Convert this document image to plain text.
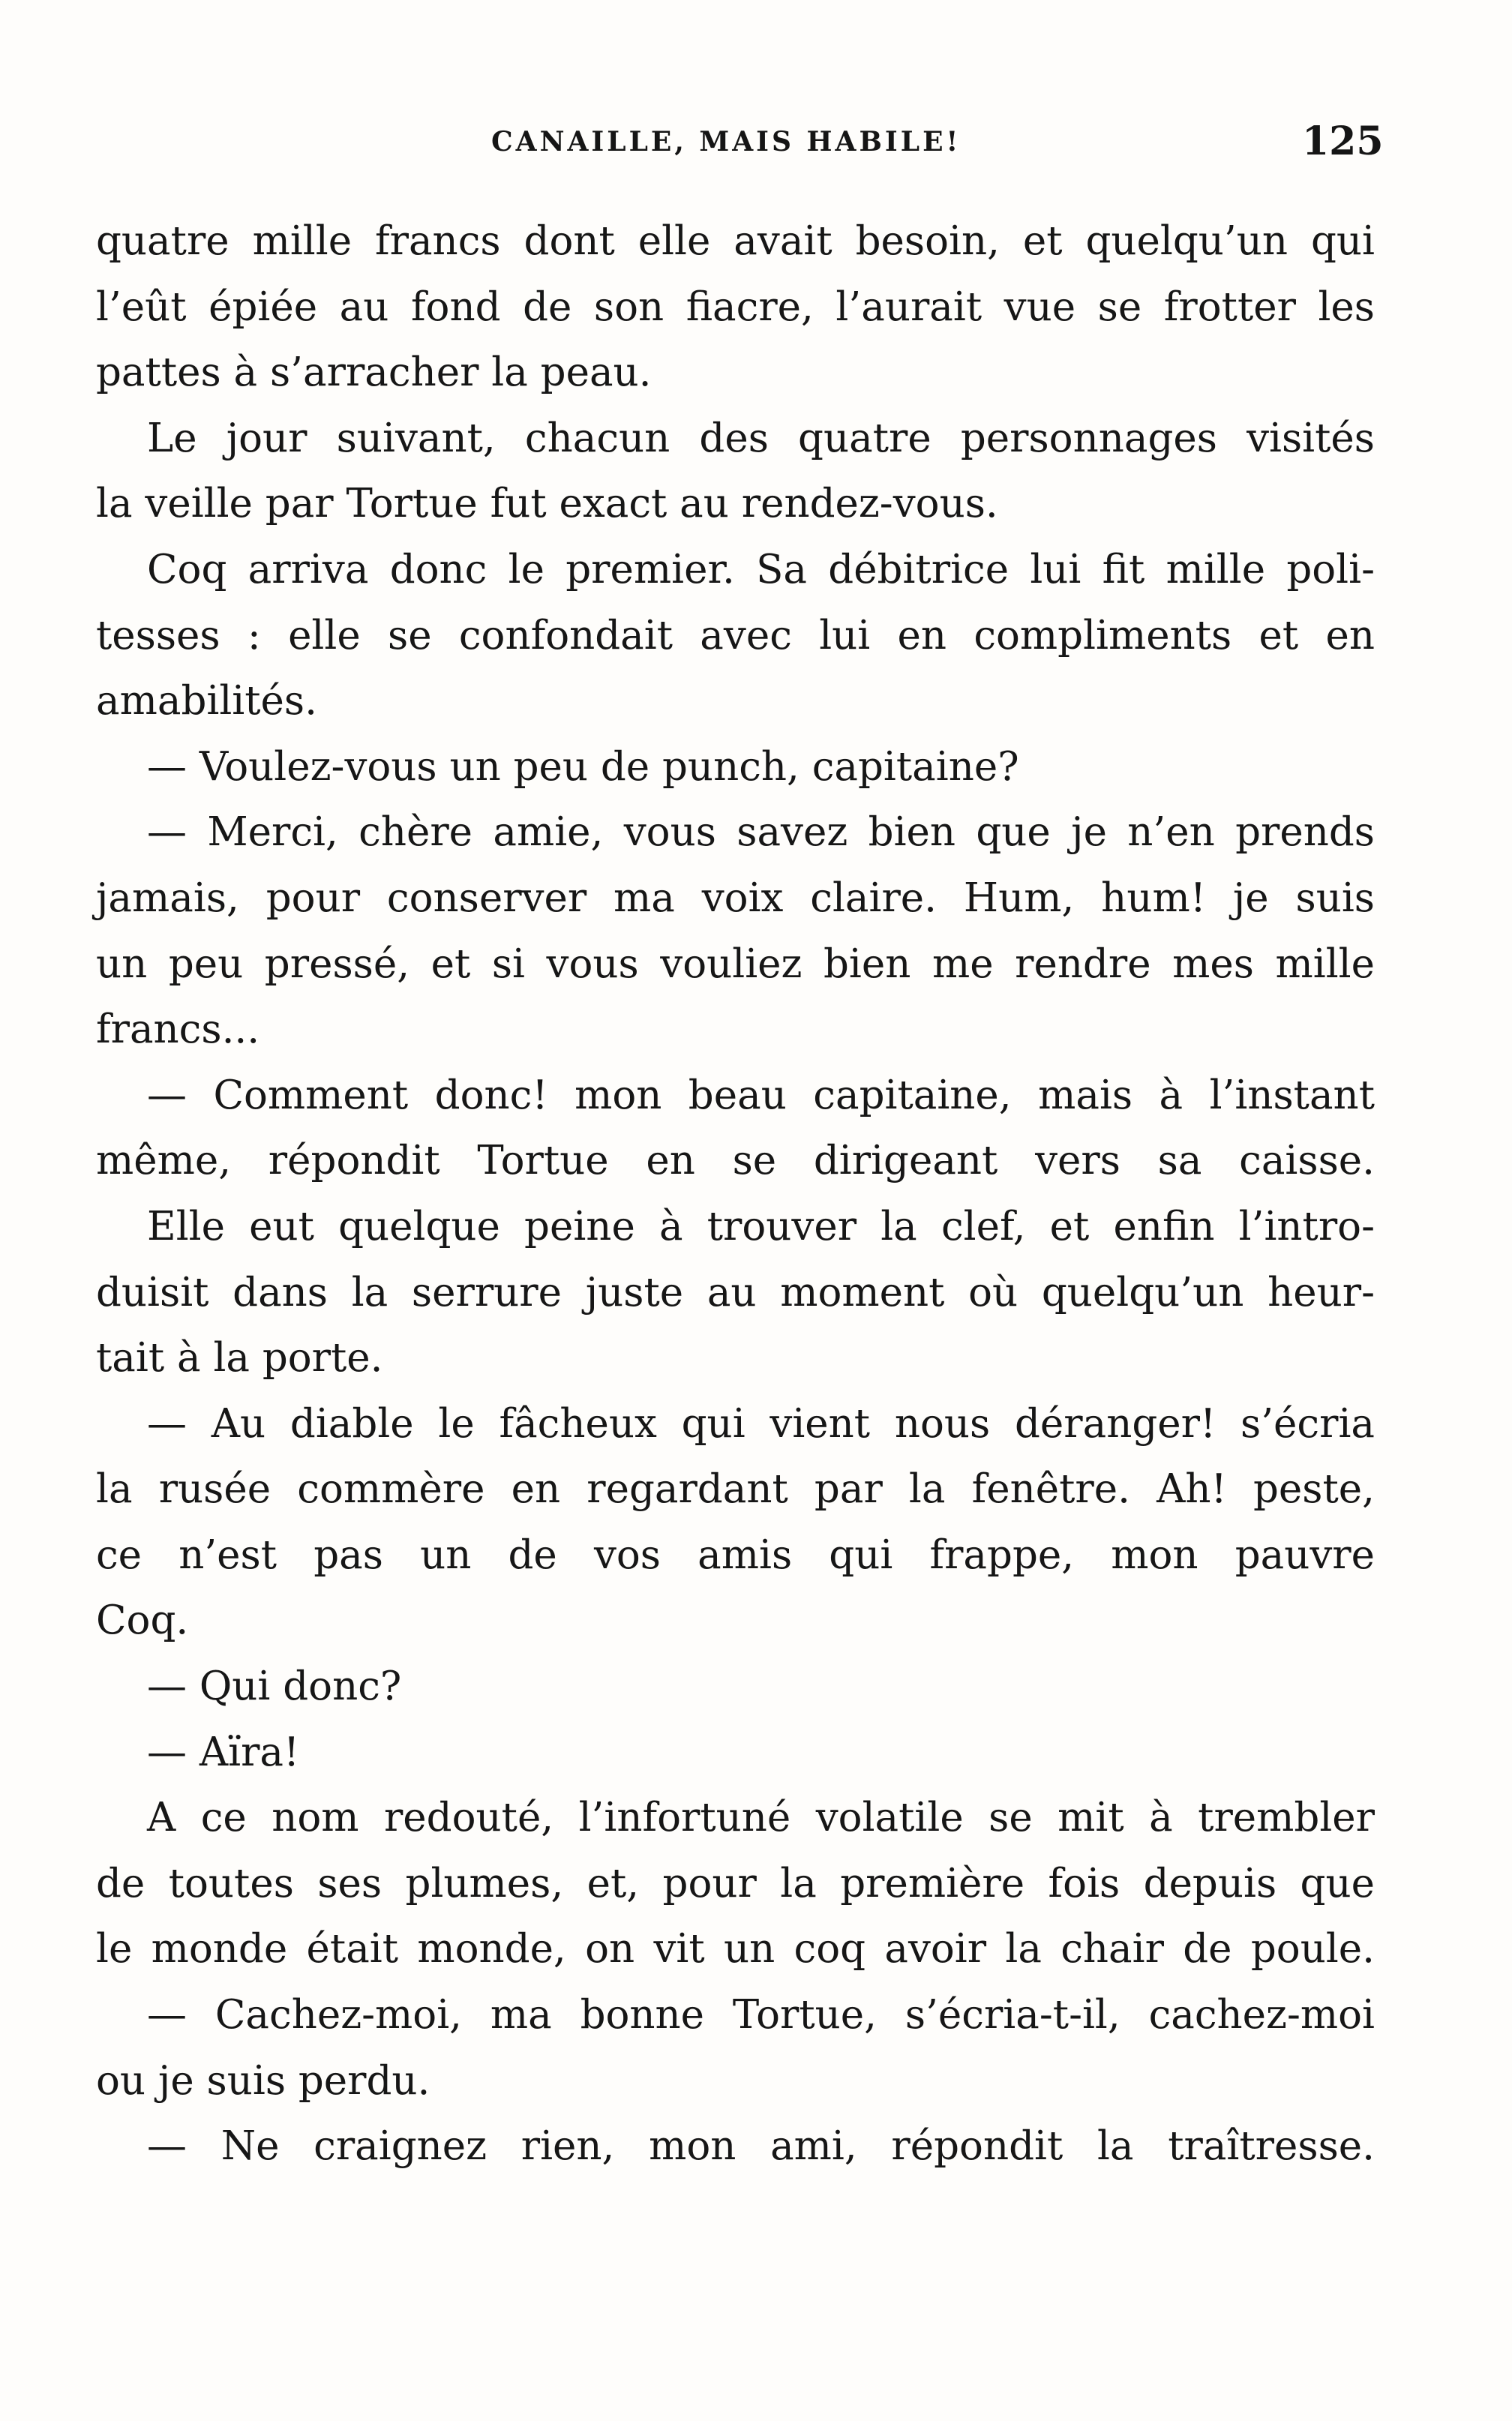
CANAILLE, MAIS HABILE!	125
quatre mille francs dont elle avait besoin, et quelqu’un qui
l’eût épiée au fond de son fiacre, l’aurait vue se frotter les
pattes à s’arracher la peau.
Le jour suivant, chacun des quatre personnages visités
la veille par Tortue fut exact au rendez-vous.
Coq arriva donc le premier. Sa débitrice lui fit mille poli-
tesses : elle se confondait avec lui en compliments et en
amabilités.
— Voulez-vous un peu de punch, capitaine?
— Merci, chère amie, vous savez bien que je n’en prends
jamais, pour conserver ma voix claire. Hum, hum! je suis
un peu pressé, et si vous vouliez bien me rendre mes mille
francs...
— Comment donc! mon beau capitaine, mais à l’instant
même, répondit Tortue en se dirigeant vers sa caisse.
Elle eut quelque peine à trouver la clef, et enfin l’intro-
duisit dans la serrure juste au moment où quelqu’un heur-
tait à la porte.
— Au diable le fâcheux qui vient nous déranger! s’écria
la rusée commère en regardant par la fenêtre. Ah! peste,
ce n’est pas un de vos amis qui frappe, mon pauvre
Coq.
— Qui donc?
— Aïra!
A ce nom redouté, l’infortuné volatile se mit à trembler
de toutes ses plumes, et, pour la première fois depuis que
le monde était monde, on vit un coq avoir la chair de poule.
— Cachez-moi, ma bonne Tortue, s’écria-t-il, cachez-moi
ou je suis perdu.
— Ne craignez rien, mon ami, répondit la traîtresse.
